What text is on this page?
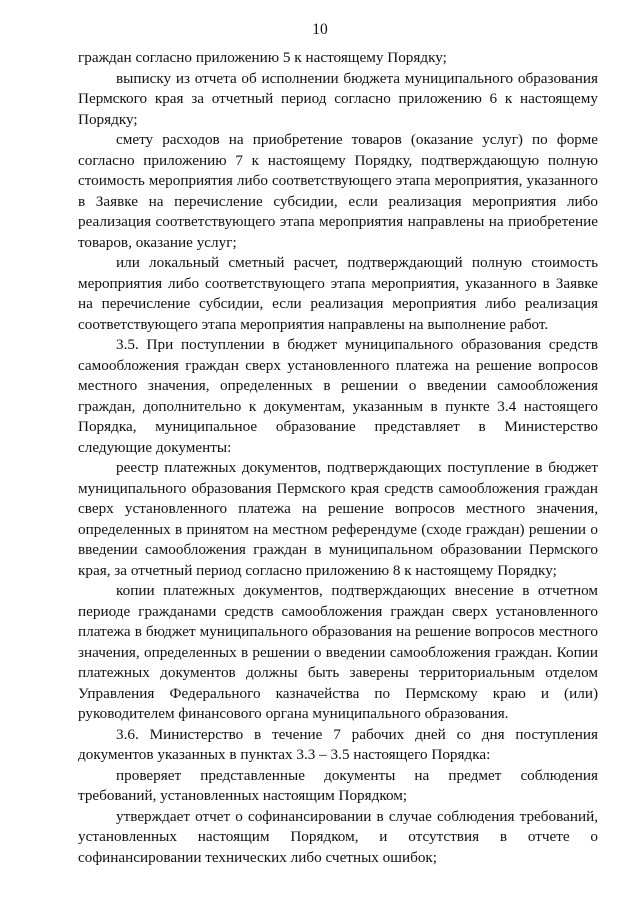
10

граждан согласно приложению 5 к настоящему Порядку;

выписку из отчета об исполнении бюджета муниципального образования Пермского края за отчетный период согласно приложению 6 к настоящему Порядку;

смету расходов на приобретение товаров (оказание услуг) по форме согласно приложению 7 к настоящему Порядку, подтверждающую полную стоимость мероприятия либо соответствующего этапа мероприятия, указанного в Заявке на перечисление субсидии, если реализация мероприятия либо реализация соответствующего этапа мероприятия направлены на приобретение товаров, оказание услуг;

или локальный сметный расчет, подтверждающий полную стоимость мероприятия либо соответствующего этапа мероприятия, указанного в Заявке на перечисление субсидии, если реализация мероприятия либо реализация соответствующего этапа мероприятия направлены на выполнение работ.

3.5. При поступлении в бюджет муниципального образования средств самообложения граждан сверх установленного платежа на решение вопросов местного значения, определенных в решении о введении самообложения граждан, дополнительно к документам, указанным в пункте 3.4 настоящего Порядка, муниципальное образование представляет в Министерство следующие документы:

реестр платежных документов, подтверждающих поступление в бюджет муниципального образования Пермского края средств самообложения граждан сверх установленного платежа на решение вопросов местного значения, определенных в принятом на местном референдуме (сходе граждан) решении о введении самообложения граждан в муниципальном образовании Пермского края, за отчетный период согласно приложению 8 к настоящему Порядку;

копии платежных документов, подтверждающих внесение в отчетном периоде гражданами средств самообложения граждан сверх установленного платежа в бюджет муниципального образования на решение вопросов местного значения, определенных в решении о введении самообложения граждан. Копии платежных документов должны быть заверены территориальным отделом Управления Федерального казначейства по Пермскому краю и (или) руководителем финансового органа муниципального образования.

3.6. Министерство в течение 7 рабочих дней со дня поступления документов указанных в пунктах 3.3 – 3.5 настоящего Порядка:

проверяет представленные документы на предмет соблюдения требований, установленных настоящим Порядком;

утверждает отчет о софинансировании в случае соблюдения требований, установленных настоящим Порядком, и отсутствия в отчете о софинансировании технических либо счетных ошибок;
